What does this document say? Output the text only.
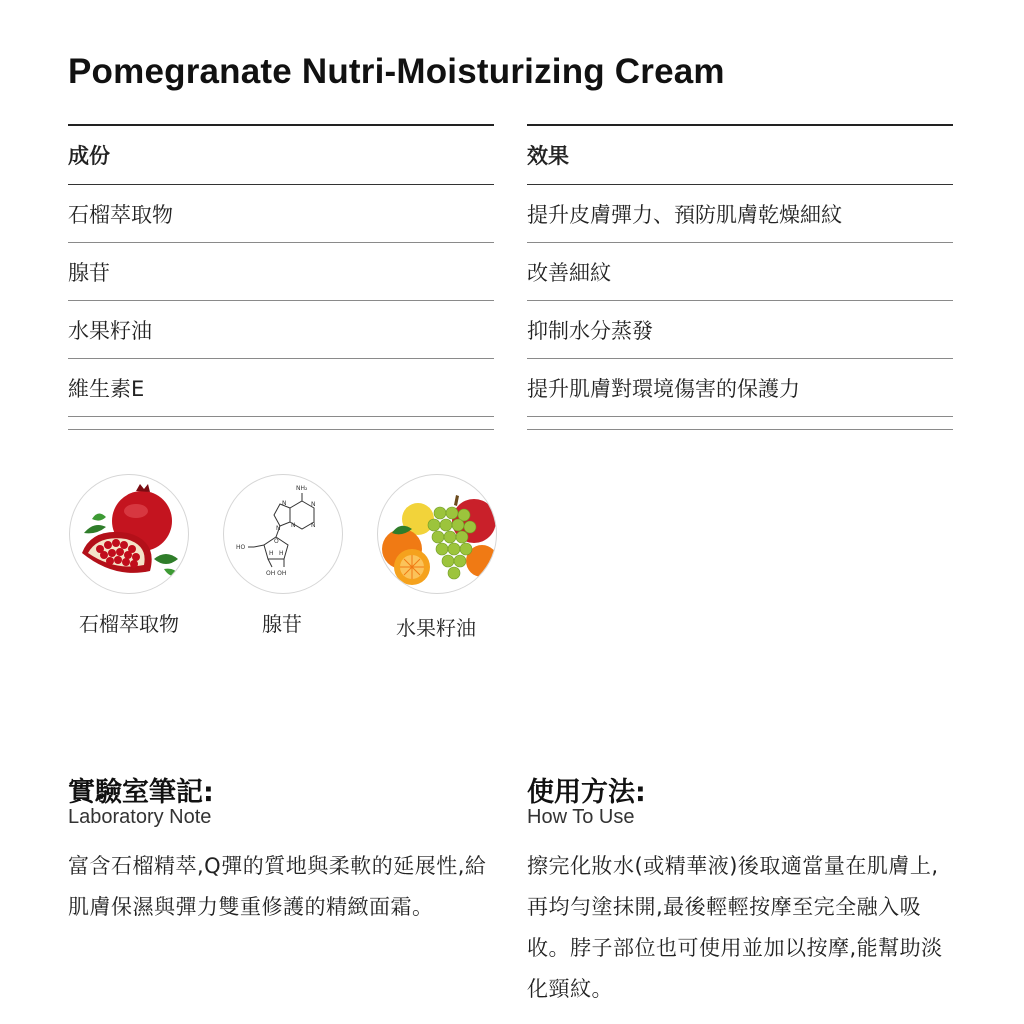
Pomegranate Nutri-Moisturizing Cream
成份
石榴萃取物
腺苷
水果籽油
維生素E
效果
提升皮膚彈力、預防肌膚乾燥細紋
改善細紋
抑制水分蒸發
提升肌膚對環境傷害的保護力
NH₂
N
N
N
N N
HO
O
H H
OH OH
石榴萃取物	腺苷	水果籽油
實驗室筆記:
Laboratory Note

富含石榴精萃,Q彈的質地與柔軟的延展性,給肌膚保濕與彈力雙重修護的精緻面霜。

使用方法:
How To Use

擦完化妝水(或精華液)後取適當量在肌膚上,再均勻塗抹開,最後輕輕按摩至完全融入吸收。脖子部位也可使用並加以按摩,能幫助淡化頸紋。
